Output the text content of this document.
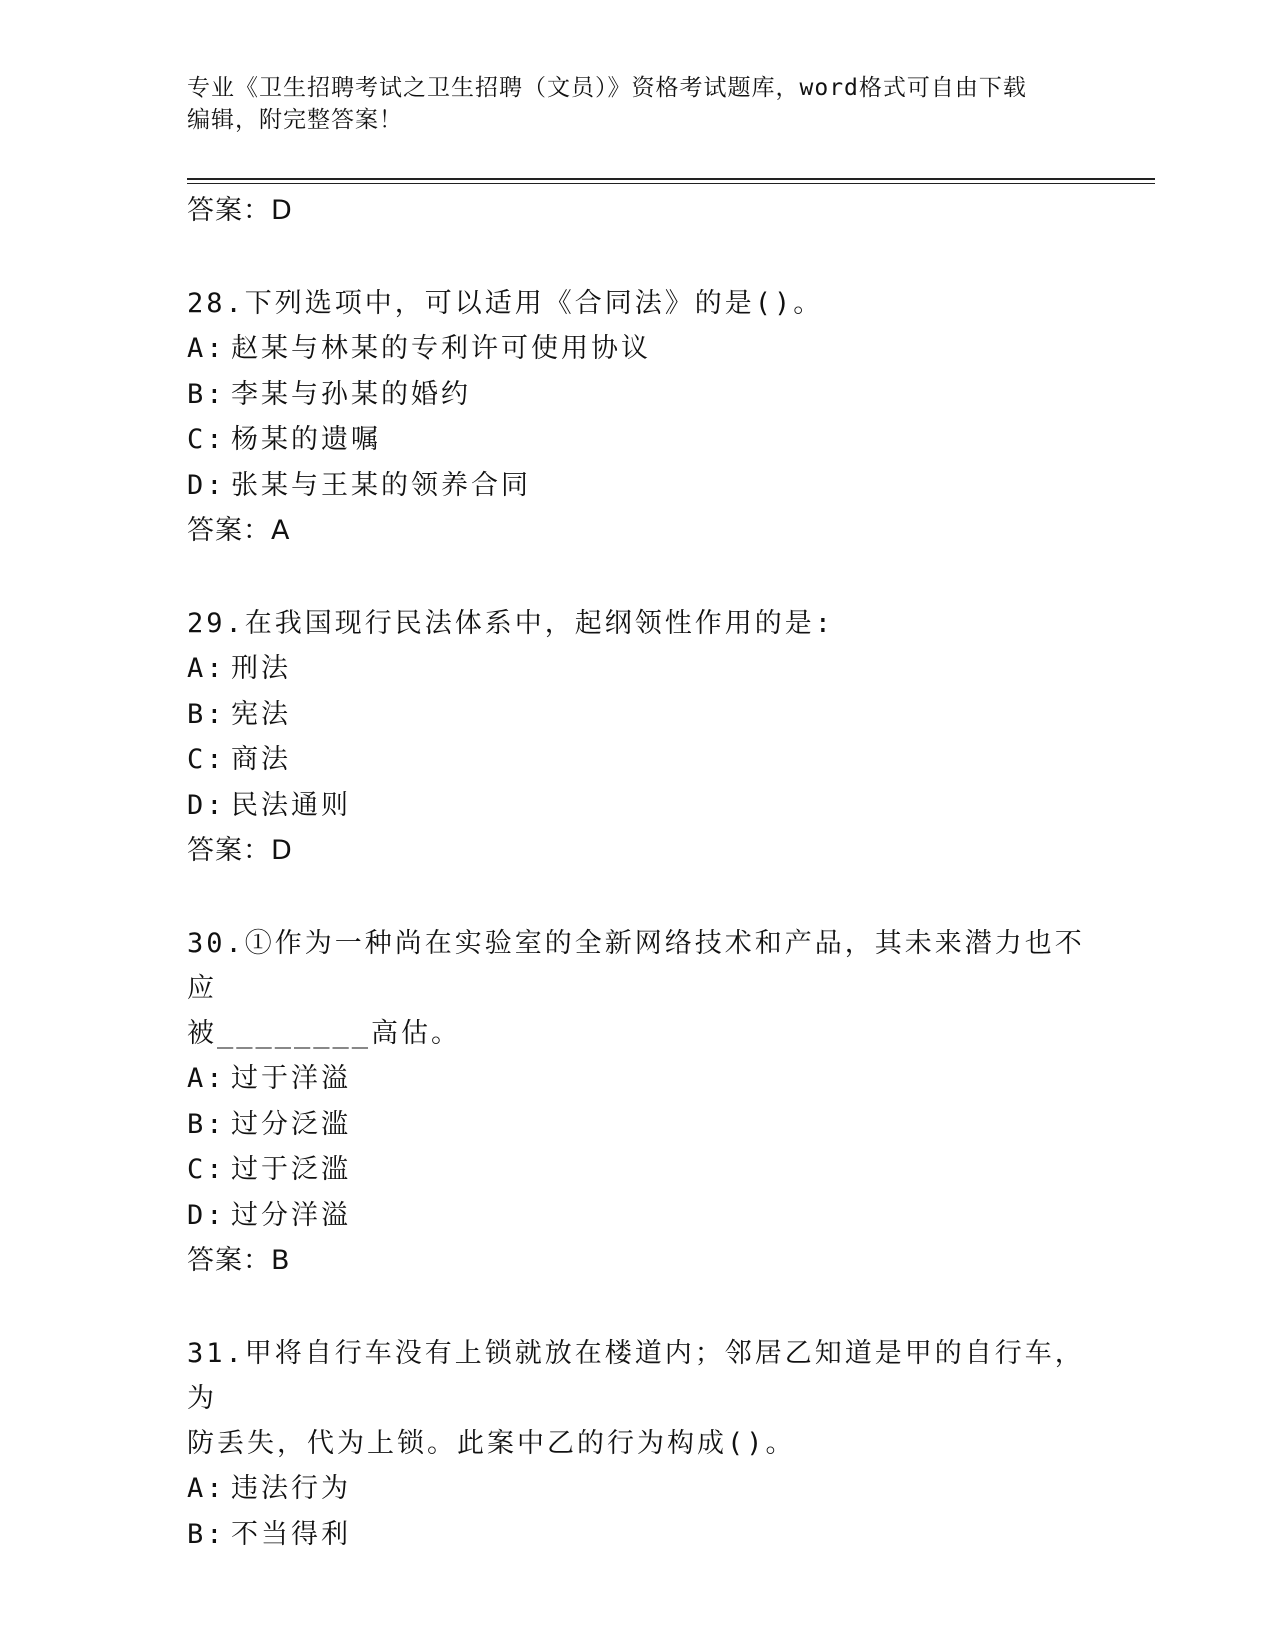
专业《卫生招聘考试之卫生招聘（文员）》资格考试题库，word格式可自由下载
编辑，附完整答案！
答案：D
28.下列选项中，可以适用《合同法》的是()。
A: 赵某与林某的专利许可使用协议
B: 李某与孙某的婚约
C: 杨某的遗嘱
D: 张某与王某的领养合同
答案：A
29.在我国现行民法体系中，起纲领性作用的是:
A: 刑法
B: 宪法
C: 商法
D: 民法通则
答案：D
30.①作为一种尚在实验室的全新网络技术和产品，其未来潜力也不应
被________高估。
A: 过于洋溢
B: 过分泛滥
C: 过于泛滥
D: 过分洋溢
答案：B
31.甲将自行车没有上锁就放在楼道内；邻居乙知道是甲的自行车，为
防丢失，代为上锁。此案中乙的行为构成()。
A: 违法行为
B: 不当得利
